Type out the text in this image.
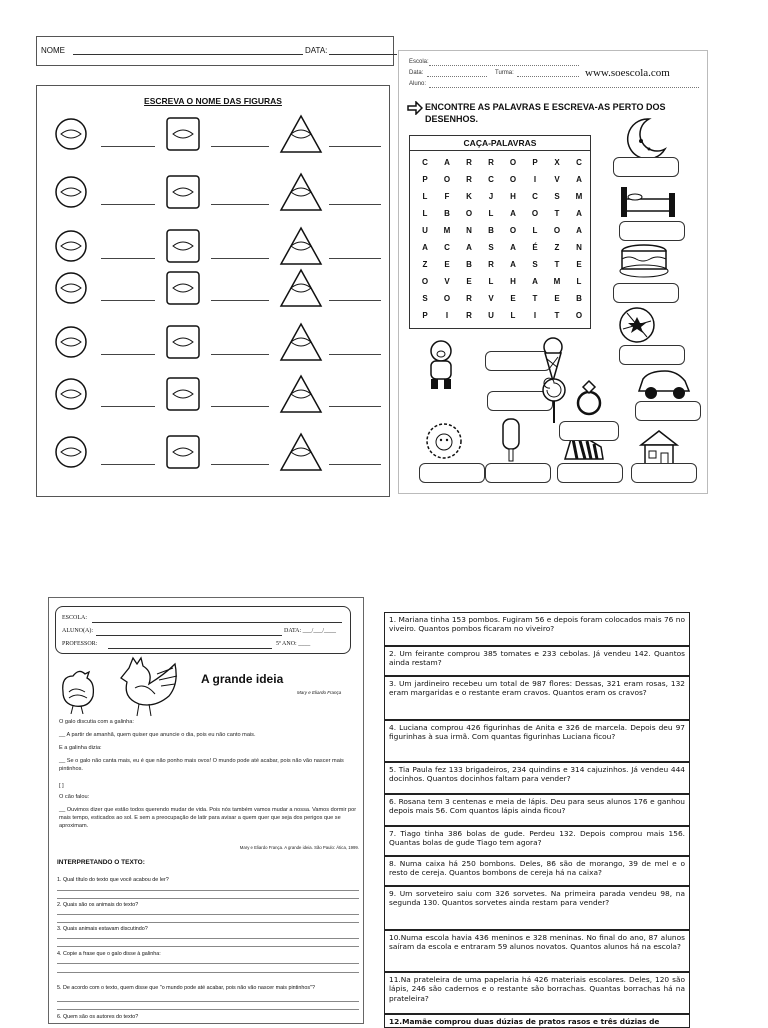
NOME	DATA:
ESCREVA O NOME DAS FIGURAS
Escola:
Data:	Turma:
Aluno:
www.soescola.com
ENCONTRE AS PALAVRAS E ESCREVA-AS PERTO DOS DESENHOS.
CAÇA-PALAVRAS
C	A	R	R	O	P	X	C
P	O	R	C	O	I	V	A
L	F	K	J	H	C	S	M
L	B	O	L	A	O	T	A
U	M	N	B	O	L	O	A
A	C	A	S	A	É	Z	N
Z	E	B	R	A	S	T	E
O	V	E	L	H	A	M	L
S	O	R	V	E	T	E	B
P	I	R	U	L	I	T	O
ESCOLA:
ALUNO(A):	DATA: ___/___/____
PROFESSOR:	5º ANO: ____
A grande ideia
Mary e Eliardo França
O galo discutia com a galinha:
__ A partir de amanhã, quem quiser que anuncie o dia, pois eu não canto mais.
E a galinha dizia:
__ Se o galo não canta mais, eu é que não ponho mais ovos! O mundo pode até acabar, pois não vão nascer mais pintinhos.
[ ]
O cão falou:
__ Ouvimos dizer que estão todos querendo mudar de vida. Pois nós também vamos mudar a nossa. Vamos dormir por mais tempo, esticados ao sol. E sem a preocupação de latir para avisar a quem quer que seja dos perigos que se aproximam.
Mary e Eliardo França. A grande ideia. São Paulo: Ática, 1999.
INTERPRETANDO O TEXTO:
1. Qual título do texto que você acabou de ler?
2. Quais são os animais do texto?
3. Quais animais estavam discutindo?
4. Copie a frase que o galo disse à galinha:
5. De acordo com o texto, quem disse que "o mundo pode até acabar, pois não vão nascer mais pintinhos"?
6. Quem são os autores do texto?
1. Mariana tinha 153 pombos. Fugiram 56 e depois foram colocados mais 76 no viveiro. Quantos pombos ficaram no viveiro?
2. Um feirante comprou 385 tomates e 233 cebolas. Já vendeu 142. Quantos ainda restam?
3. Um jardineiro recebeu um total de 987 flores: Dessas, 321 eram rosas, 132 eram margaridas e o restante eram cravos. Quantos eram os cravos?
4. Luciana comprou 426 figurinhas de Anita e 326 de marcela. Depois deu 97 figurinhas à sua irmã. Com quantas figurinhas Luciana ficou?
5. Tia Paula fez 133 brigadeiros, 234 quindins e 314 cajuzinhos. Já vendeu 444 docinhos. Quantos docinhos faltam para vender?
6. Rosana tem 3 centenas e meia de lápis. Deu para seus alunos 176 e ganhou depois mais 56. Com quantos lápis ainda ficou?
7. Tiago tinha 386 bolas de gude. Perdeu 132. Depois comprou mais 156. Quantas bolas de gude Tiago tem agora?
8. Numa caixa há 250 bombons. Deles, 86 são de morango, 39 de mel e o resto de cereja. Quantos bombons de cereja há na caixa?
9. Um sorveteiro saiu com 326 sorvetes. Na primeira parada vendeu 98, na segunda 130. Quantos sorvetes ainda restam para vender?
10.Numa escola havia 436 meninos e 328 meninas. No final do ano, 87 alunos saíram da escola e entraram 59 alunos novatos. Quantos alunos há na escola?
11.Na prateleira de uma papelaria há 426 materiais escolares. Deles, 120 são lápis, 246 são cadernos e o restante são borrachas. Quantas borrachas há na prateleira?
12.Mamãe comprou duas dúzias de pratos rasos e três dúzias de
